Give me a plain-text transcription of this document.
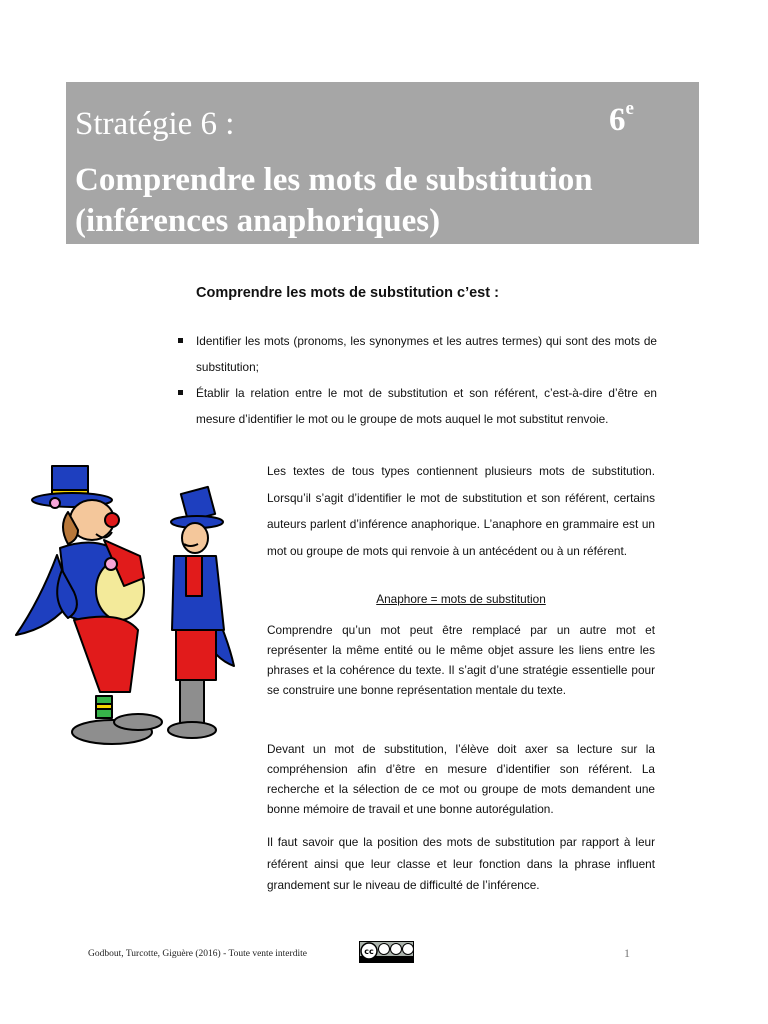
Stratégie 6 :	6e
Comprendre les mots de substitution (inférences anaphoriques)
Comprendre les mots de substitution c’est :
Identifier les mots (pronoms, les synonymes et les autres termes) qui sont des mots de substitution;
Établir la relation entre le mot de substitution et son référent, c’est-à-dire d’être en mesure d’identifier le mot ou le groupe de mots auquel le mot substitut renvoie.
Les textes de tous types contiennent plusieurs mots de substitution. Lorsqu’il s’agit d’identifier le mot de substitution et son référent, certains auteurs parlent d’inférence anaphorique. L’anaphore en grammaire est un mot ou groupe de mots qui renvoie à un antécédent ou à un référent.
Anaphore = mots de substitution
Comprendre qu’un mot peut être remplacé par un autre mot et représenter la même entité ou le même objet assure les liens entre les phrases et la cohérence du texte. Il s’agit d’une stratégie essentielle pour se construire une bonne représentation mentale du texte.
Devant un mot de substitution, l’élève doit axer sa lecture sur la compréhension afin d’être en mesure d’identifier son référent. La recherche et la sélection de ce mot ou groupe de mots demandent une bonne mémoire de travail et une bonne autorégulation.
Il faut savoir que la position des mots de substitution par rapport à leur référent ainsi que leur classe et leur fonction dans la phrase influent grandement sur le niveau de difficulté de l’inférence.
Godbout, Turcotte, Giguère (2016) - Toute vente interdite	cc	1
